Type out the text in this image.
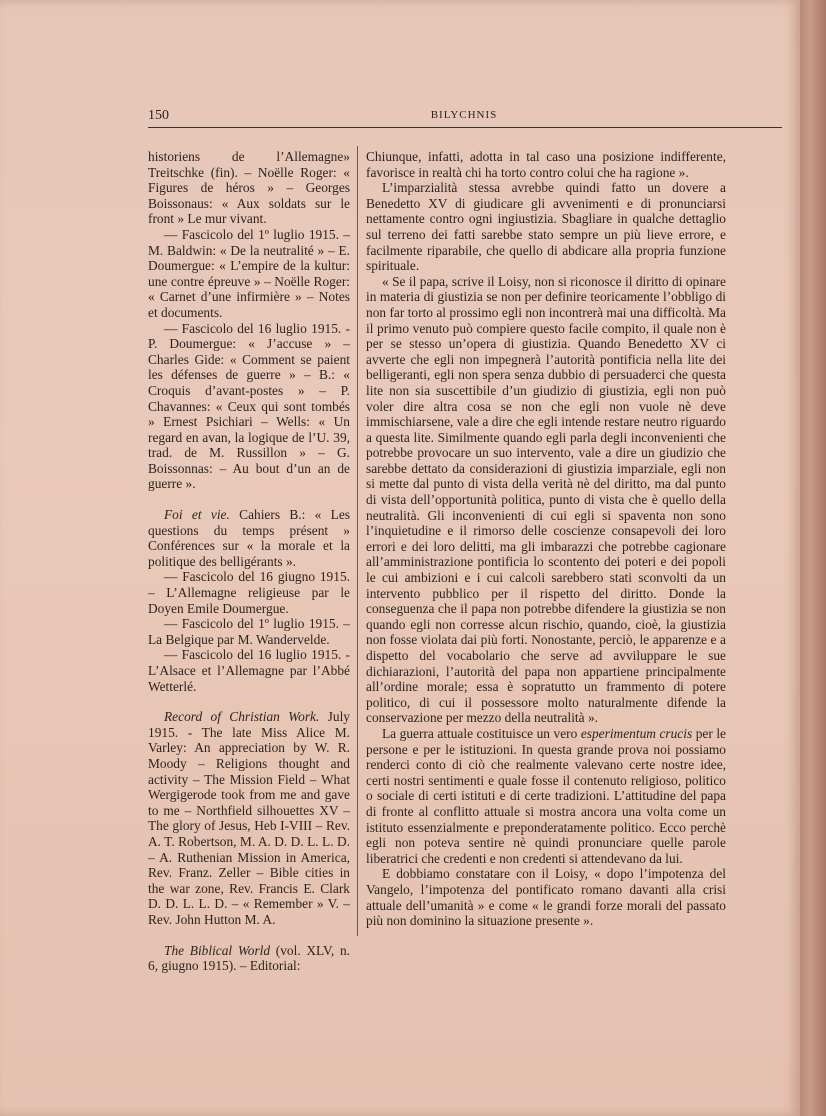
150	BILYCHNIS

historiens de l’Allemagne» Treitschke (fin). – Noëlle Roger: « Figures de héros » – Georges Boissonaus: « Aux soldats sur le front » Le mur vivant.

— Fascicolo del 1º luglio 1915. – M. Baldwin: « De la neutralité » – E. Doumergue: « L’empire de la kultur: une contre épreuve » – Noëlle Roger: « Carnet d’une infirmière » – Notes et documents.

— Fascicolo del 16 luglio 1915. - P. Doumergue: « J’accuse » – Charles Gide: « Comment se paient les défenses de guerre » – B.: « Croquis d’avant-postes » – P. Chavannes: « Ceux qui sont tombés » Ernest Psichiari – Wells: « Un regard en avan, la logique de l’U. 39, trad. de M. Russillon » – G. Boissonnas: – Au bout d’un an de guerre ».

Foi et vie. Cahiers B.: « Les questions du temps présent » Conférences sur « la morale et la politique des belligérants ».

— Fascicolo del 16 giugno 1915. – L’Allemagne religieuse par le Doyen Emile Doumergue.

— Fascicolo del 1º luglio 1915. – La Belgique par M. Wandervelde.

— Fascicolo del 16 luglio 1915. - L’Alsace et l’Allemagne par l’Abbé Wetterlé.

Record of Christian Work. July 1915. - The late Miss Alice M. Varley: An appreciation by W. R. Moody – Religions thought and activity – The Mission Field – What Wergigerode took from me and gave to me – Northfield silhouettes XV – The glory of Jesus, Heb I-VIII – Rev. A. T. Robertson, M. A. D. D. L. L. D. – A. Ruthenian Mission in America, Rev. Franz. Zeller – Bible cities in the war zone, Rev. Francis E. Clark D. D. L. L. D. – « Remember » V. – Rev. John Hutton M. A.

The Biblical World (vol. XLV, n. 6, giugno 1915). – Editorial:

Chiunque, infatti, adotta in tal caso una posizione indifferente, favorisce in realtà chi ha torto contro colui che ha ragione ».

L’imparzialità stessa avrebbe quindi fatto un dovere a Benedetto XV di giudicare gli avvenimenti e di pronunciarsi nettamente contro ogni ingiustizia. Sbagliare in qualche dettaglio sul terreno dei fatti sarebbe stato sempre un più lieve errore, e facilmente riparabile, che quello di abdicare alla propria funzione spirituale.

« Se il papa, scrive il Loisy, non si riconosce il diritto di opinare in materia di giustizia se non per definire teoricamente l’obbligo di non far torto al prossimo egli non incontrerà mai una difficoltà. Ma il primo venuto può compiere questo facile compito, il quale non è per se stesso un’opera di giustizia. Quando Benedetto XV ci avverte che egli non impegnerà l’autorità pontificia nella lite dei belligeranti, egli non spera senza dubbio di persuaderci che questa lite non sia suscettibile d’un giudizio di giustizia, egli non può voler dire altra cosa se non che egli non vuole nè deve immischiarsene, vale a dire che egli intende restare neutro riguardo a questa lite. Similmente quando egli parla degli inconvenienti che potrebbe provocare un suo intervento, vale a dire un giudizio che sarebbe dettato da considerazioni di giustizia imparziale, egli non si mette dal punto di vista della verità nè del diritto, ma dal punto di vista dell’opportunità politica, punto di vista che è quello della neutralità. Gli inconvenienti di cui egli si spaventa non sono l’inquietudine e il rimorso delle coscienze consapevoli dei loro errori e dei loro delitti, ma gli imbarazzi che potrebbe cagionare all’amministrazione pontificia lo scontento dei poteri e dei popoli le cui ambizioni e i cui calcoli sarebbero stati sconvolti da un intervento pubblico per il rispetto del diritto. Donde la conseguenza che il papa non potrebbe difendere la giustizia se non quando egli non corresse alcun rischio, quando, cioè, la giustizia non fosse violata dai più forti. Nonostante, perciò, le apparenze e a dispetto del vocabolario che serve ad avviluppare le sue dichiarazioni, l’autorità del papa non appartiene principalmente all’ordine morale; essa è sopratutto un frammento di potere politico, di cui il possessore molto naturalmente difende la conservazione per mezzo della neutralità ».

La guerra attuale costituisce un vero esperimentum crucis per le persone e per le istituzioni. In questa grande prova noi possiamo renderci conto di ciò che realmente valevano certe nostre idee, certi nostri sentimenti e quale fosse il contenuto religioso, politico o sociale di certi istituti e di certe tradizioni. L’attitudine del papa di fronte al conflitto attuale si mostra ancora una volta come un istituto essenzialmente e preponderatamente politico. Ecco perchè egli non poteva sentire nè quindi pronunciare quelle parole liberatrici che credenti e non credenti si attendevano da lui.

E dobbiamo constatare con il Loisy, « dopo l’impotenza del Vangelo, l’impotenza del pontificato romano davanti alla crisi attuale dell’umanità » e come « le grandi forze morali del passato più non dominino la situazione presente ».
